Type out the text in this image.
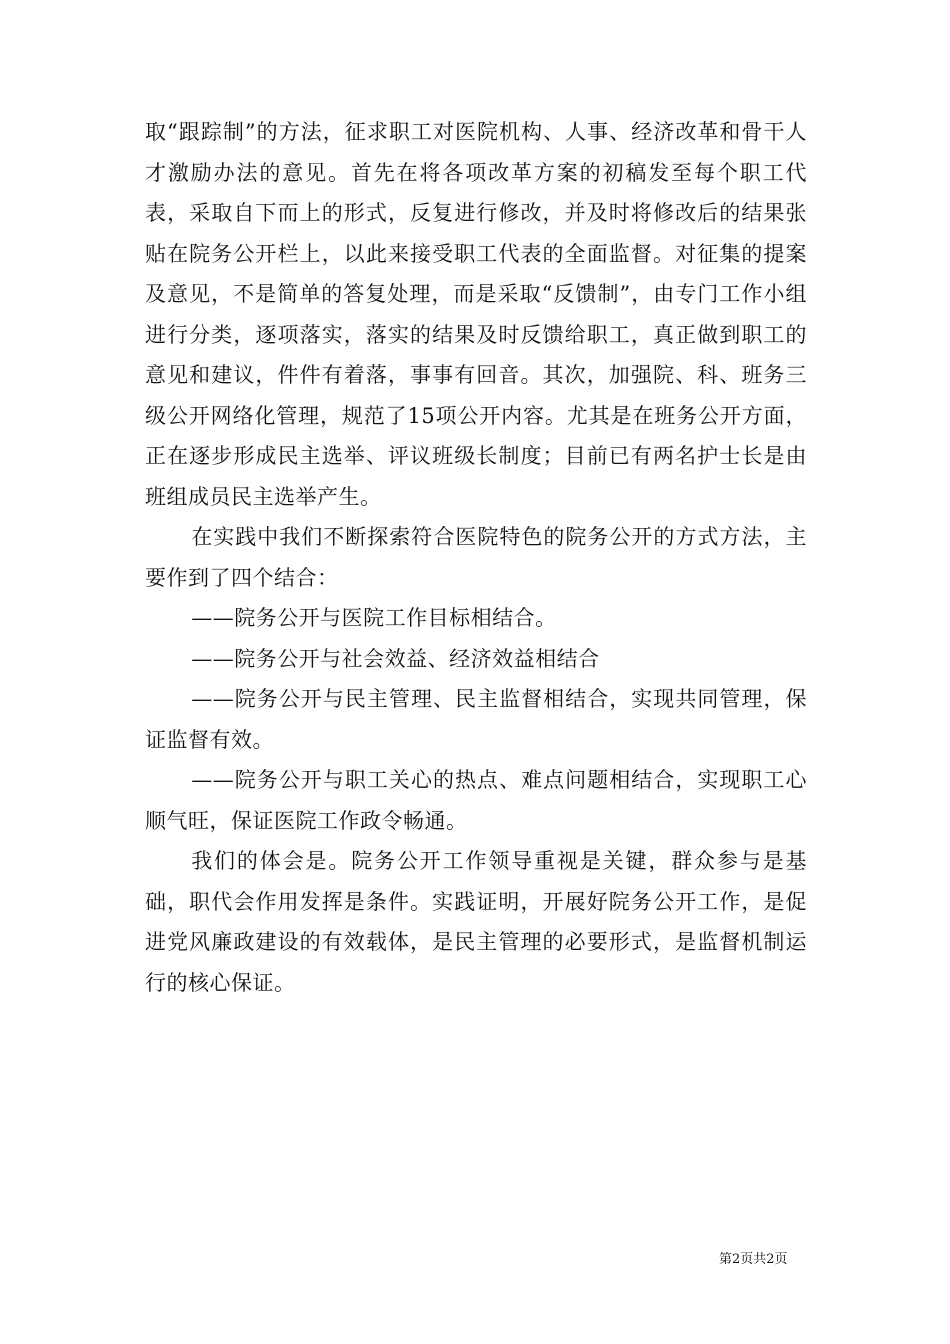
取“跟踪制”的方法，征求职工对医院机构、人事、经济改革和骨干人才激励办法的意见。首先在将各项改革方案的初稿发至每个职工代表，采取自下而上的形式，反复进行修改，并及时将修改后的结果张贴在院务公开栏上，以此来接受职工代表的全面监督。对征集的提案及意见，不是简单的答复处理，而是采取“反馈制”，由专门工作小组进行分类，逐项落实，落实的结果及时反馈给职工，真正做到职工的意见和建议，件件有着落，事事有回音。其次，加强院、科、班务三级公开网络化管理，规范了15项公开内容。尤其是在班务公开方面，正在逐步形成民主选举、评议班级长制度；目前已有两名护士长是由班组成员民主选举产生。

在实践中我们不断探索符合医院特色的院务公开的方式方法，主要作到了四个结合：

——院务公开与医院工作目标相结合。

——院务公开与社会效益、经济效益相结合

——院务公开与民主管理、民主监督相结合，实现共同管理，保证监督有效。

——院务公开与职工关心的热点、难点问题相结合，实现职工心顺气旺，保证医院工作政令畅通。

我们的体会是。院务公开工作领导重视是关键，群众参与是基础，职代会作用发挥是条件。实践证明，开展好院务公开工作，是促进党风廉政建设的有效载体，是民主管理的必要形式，是监督机制运行的核心保证。

第2页共2页
